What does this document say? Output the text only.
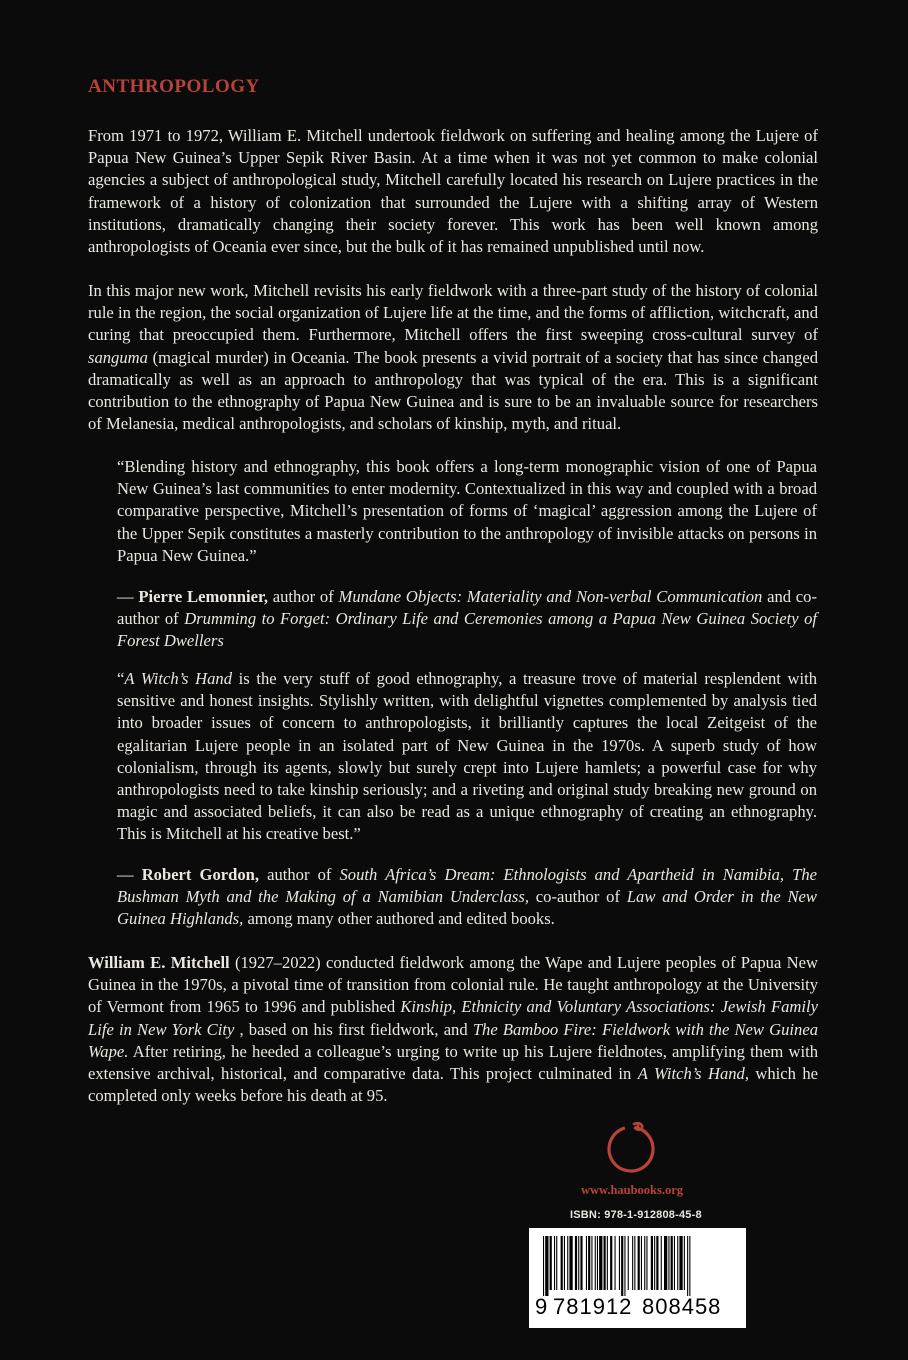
ANTHROPOLOGY
From 1971 to 1972, William E. Mitchell undertook fieldwork on suffering and healing among the Lujere of Papua New Guinea’s Upper Sepik River Basin. At a time when it was not yet common to make colonial agencies a subject of anthropological study, Mitchell carefully located his research on Lujere practices in the framework of a history of colonization that surrounded the Lujere with a shifting array of Western institutions, dramatically changing their society forever. This work has been well known among anthropologists of Oceania ever since, but the bulk of it has remained unpublished until now.
In this major new work, Mitchell revisits his early fieldwork with a three-part study of the history of colonial rule in the region, the social organization of Lujere life at the time, and the forms of affliction, witchcraft, and curing that preoccupied them. Furthermore, Mitchell offers the first sweeping cross-cultural survey of sanguma (magical murder) in Oceania. The book presents a vivid portrait of a society that has since changed dramatically as well as an approach to anthropology that was typical of the era. This is a significant contribution to the ethnography of Papua New Guinea and is sure to be an invaluable source for researchers of Melanesia, medical anthropologists, and scholars of kinship, myth, and ritual.
“Blending history and ethnography, this book offers a long-term monographic vision of one of Papua New Guinea’s last communities to enter modernity. Contextualized in this way and coupled with a broad comparative perspective, Mitchell’s presentation of forms of ‘magical’ aggression among the Lujere of the Upper Sepik constitutes a masterly contribution to the anthropology of invisible attacks on persons in Papua New Guinea.”
— Pierre Lemonnier, author of Mundane Objects: Materiality and Non-verbal Communication and co-author of Drumming to Forget: Ordinary Life and Ceremonies among a Papua New Guinea Society of Forest Dwellers
“A Witch’s Hand is the very stuff of good ethnography, a treasure trove of material resplendent with sensitive and honest insights. Stylishly written, with delightful vignettes complemented by analysis tied into broader issues of concern to anthropologists, it brilliantly captures the local Zeitgeist of the egalitarian Lujere people in an isolated part of New Guinea in the 1970s. A superb study of how colonialism, through its agents, slowly but surely crept into Lujere hamlets; a powerful case for why anthropologists need to take kinship seriously; and a riveting and original study breaking new ground on magic and associated beliefs, it can also be read as a unique ethnography of creating an ethnography. This is Mitchell at his creative best.”
— Robert Gordon, author of South Africa’s Dream: Ethnologists and Apartheid in Namibia, The Bushman Myth and the Making of a Namibian Underclass, co-author of Law and Order in the New Guinea Highlands, among many other authored and edited books.
William E. Mitchell (1927–2022) conducted fieldwork among the Wape and Lujere peoples of Papua New Guinea in the 1970s, a pivotal time of transition from colonial rule. He taught anthropology at the University of Vermont from 1965 to 1996 and published Kinship, Ethnicity and Voluntary Associations: Jewish Family Life in New York City , based on his first fieldwork, and The Bamboo Fire: Fieldwork with the New Guinea Wape. After retiring, he heeded a colleague’s urging to write up his Lujere fieldnotes, amplifying them with extensive archival, historical, and comparative data. This project culminated in A Witch’s Hand, which he completed only weeks before his death at 95.
www.haubooks.org
ISBN: 978-1-912808-45-8
9 781912 808458
